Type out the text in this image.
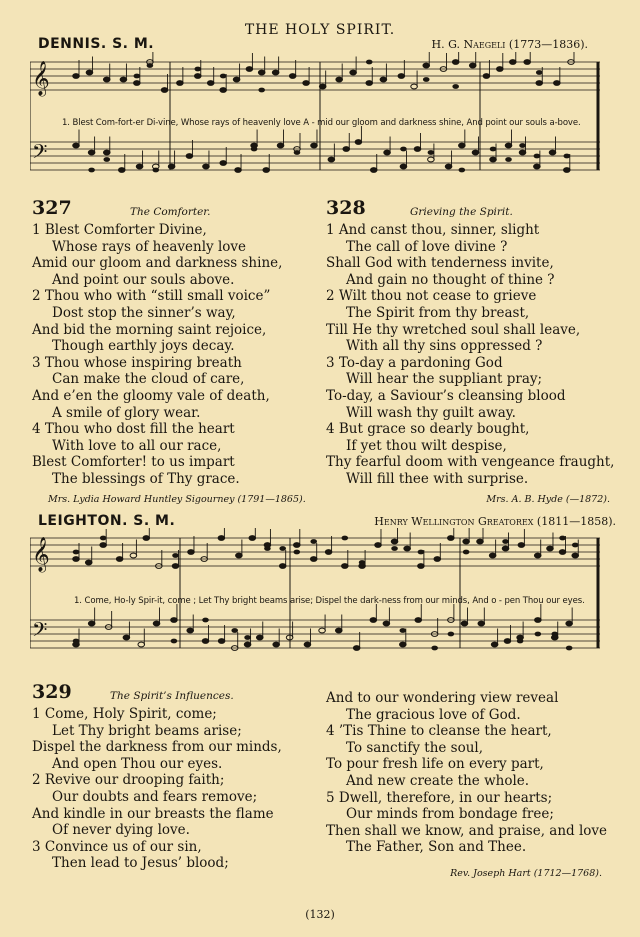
THE HOLY SPIRIT.
DENNIS. S. M.	H. G. Naegeli (1773—1836).
𝄞
𝄢
1. Blest Com-fort-er Di-vine, Whose rays of heavenly love A - mid our gloom and darkness shine, And point our souls a-bove.
327	The Comforter.
1 Blest Comforter Divine,
Whose rays of heavenly love
Amid our gloom and darkness shine,
And point our souls above.
2 Thou who with “still small voice”
Dost stop the sinner’s way,
And bid the morning saint rejoice,
Though earthly joys decay.
3 Thou whose inspiring breath
Can make the cloud of care,
And e’en the gloomy vale of death,
A smile of glory wear.
4 Thou who dost fill the heart
With love to all our race,
Blest Comforter! to us impart
The blessings of Thy grace.
Mrs. Lydia Howard Huntley Sigourney (1791—1865).
328	Grieving the Spirit.
1 And canst thou, sinner, slight
The call of love divine ?
Shall God with tenderness invite,
And gain no thought of thine ?
2 Wilt thou not cease to grieve
The Spirit from thy breast,
Till He thy wretched soul shall leave,
With all thy sins oppressed ?
3 To-day a pardoning God
Will hear the suppliant pray;
To-day, a Saviour’s cleansing blood
Will wash thy guilt away.
4 But grace so dearly bought,
If yet thou wilt despise,
Thy fearful doom with vengeance fraught,
Will fill thee with surprise.
Mrs. A. B. Hyde (—1872).
LEIGHTON. S. M.	Henry Wellington Greatorex (1811—1858).
𝄞
𝄢
1. Come, Ho-ly Spir-it, come ; Let Thy bright beams arise; Dispel the dark-ness from our minds, And o - pen Thou our eyes.
329	The Spirit’s Influences.
1 Come, Holy Spirit, come;
Let Thy bright beams arise;
Dispel the darkness from our minds,
And open Thou our eyes.
2 Revive our drooping faith;
Our doubts and fears remove;
And kindle in our breasts the flame
Of never dying love.
3 Convince us of our sin,
Then lead to Jesus’ blood;
And to our wondering view reveal
The gracious love of God.
4 ’Tis Thine to cleanse the heart,
To sanctify the soul,
To pour fresh life on every part,
And new create the whole.
5 Dwell, therefore, in our hearts;
Our minds from bondage free;
Then shall we know, and praise, and love
The Father, Son and Thee.
Rev. Joseph Hart (1712—1768).
(132)
